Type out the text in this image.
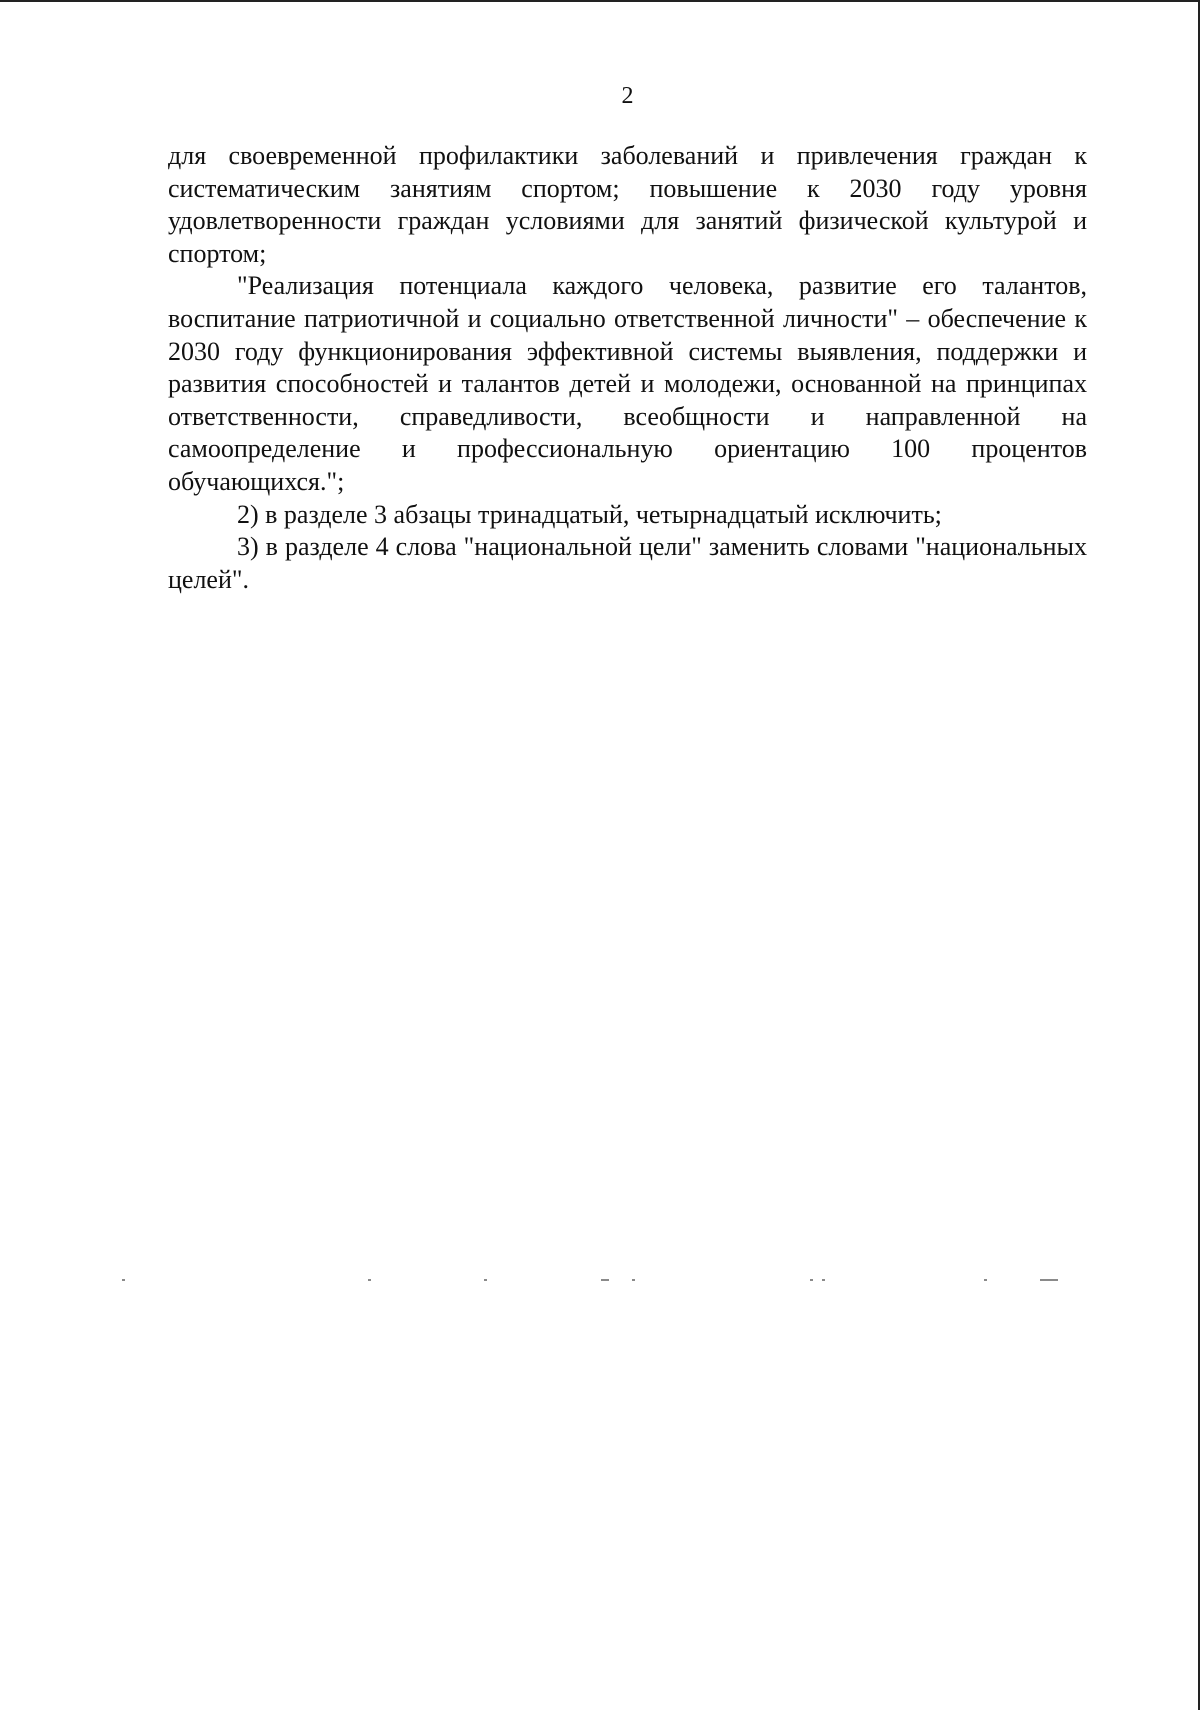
2

для своевременной профилактики заболеваний и привлечения граждан к систематическим занятиям спортом; повышение к 2030 году уровня удовлетворенности граждан условиями для занятий физической культурой и спортом;

"Реализация потенциала каждого человека, развитие его талантов, воспитание патриотичной и социально ответственной личности" – обеспечение к 2030 году функционирования эффективной системы выявления, поддержки и развития способностей и талантов детей и молодежи, основанной на принципах ответственности, справедливости, всеобщности и направленной на самоопределение и профессиональную ориентацию 100 процентов обучающихся.";

2) в разделе 3 абзацы тринадцатый, четырнадцатый исключить;

3) в разделе 4 слова "национальной цели" заменить словами "национальных целей".
